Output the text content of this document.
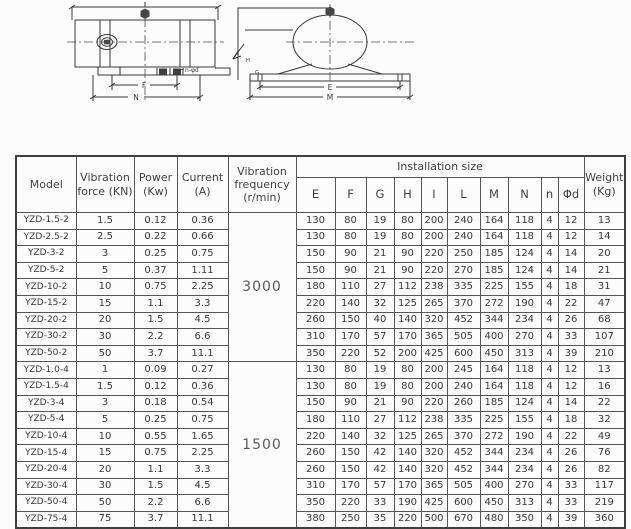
F
N
n-φd
H
G
E
M
Model	Vibration force (KN)	Power (Kw)	Current (A)	Vibration frequency (r/min)	Installation size										Weight (Kg)
					E	F	G	H	I	L	M	N	n	Φd	
YZD-1.5-2	1.5	0.12	0.36	3000	130	80	19	80	200	240	164	118	4	12	13
YZD-2.5-2	2.5	0.22	0.66		130	80	19	80	200	240	164	118	4	12	14
YZD-3-2	3	0.25	0.75		150	90	21	90	220	250	185	124	4	14	20
YZD-5-2	5	0.37	1.11		150	90	21	90	220	270	185	124	4	14	21
YZD-10-2	10	0.75	2.25		180	110	27	112	238	335	225	155	4	18	31
YZD-15-2	15	1.1	3.3		220	140	32	125	265	370	272	190	4	22	47
YZD-20-2	20	1.5	4.5		260	150	40	140	320	452	344	234	4	26	68
YZD-30-2	30	2.2	6.6		310	170	57	170	365	505	400	270	4	33	107
YZD-50-2	50	3.7	11.1		350	220	52	200	425	600	450	313	4	39	210
YZD-1.0-4	1	0.09	0.27	1500	130	80	19	80	200	245	164	118	4	12	13
YZD-1.5-4	1.5	0.12	0.36		130	80	19	80	200	240	164	118	4	12	16
YZD-3-4	3	0.18	0.54		150	90	21	90	220	260	185	124	4	14	22
YZD-5-4	5	0.25	0.75		180	110	27	112	238	335	225	155	4	18	32
YZD-10-4	10	0.55	1.65		220	140	32	125	265	370	272	190	4	22	49
YZD-15-4	15	0.75	2.25		260	150	42	140	320	452	344	234	4	26	76
YZD-20-4	20	1.1	3.3		260	150	42	140	320	452	344	234	4	26	82
YZD-30-4	30	1.5	4.5		310	170	57	170	365	505	400	270	4	33	117
YZD-50-4	50	2.2	6.6		350	220	33	190	425	600	450	313	4	33	219
YZD-75-4	75	3.7	11.1		380	250	35	220	500	670	480	350	4	39	360
